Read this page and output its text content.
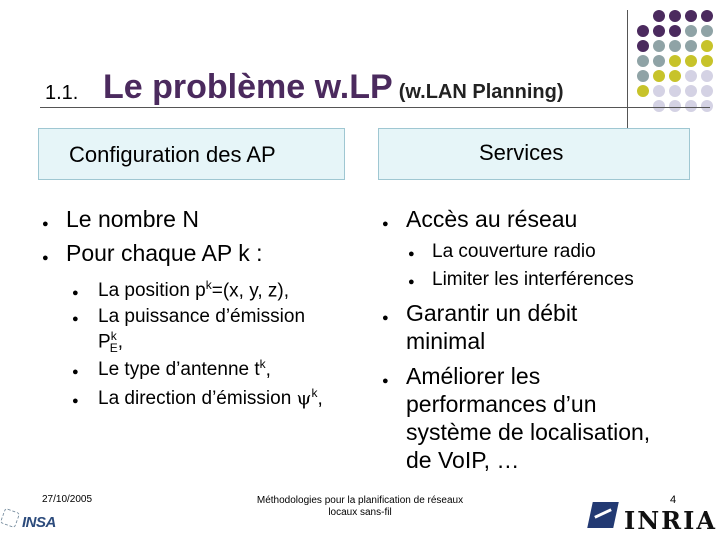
1.1. Le problème w.LP (w.LAN Planning)
Configuration des AP	Services
● Le nombre N
● Pour chaque AP k :
● La position $p^k=(x$, y, z),
● La puissance d’émission
$P^k_E$,
● Le type d’antenne $t^k$,
● La direction d’émission $\psi^k$,
● Accès au réseau
● La couverture radio
● Limiter les interférences
● Garantir un débit
minimal
● Améliorer les
performances d’un
système de localisation,
de VoIP, …
27/10/2005	Méthodologies pour la planification de réseaux
locaux sans-fil
4
INSA	INRIA
